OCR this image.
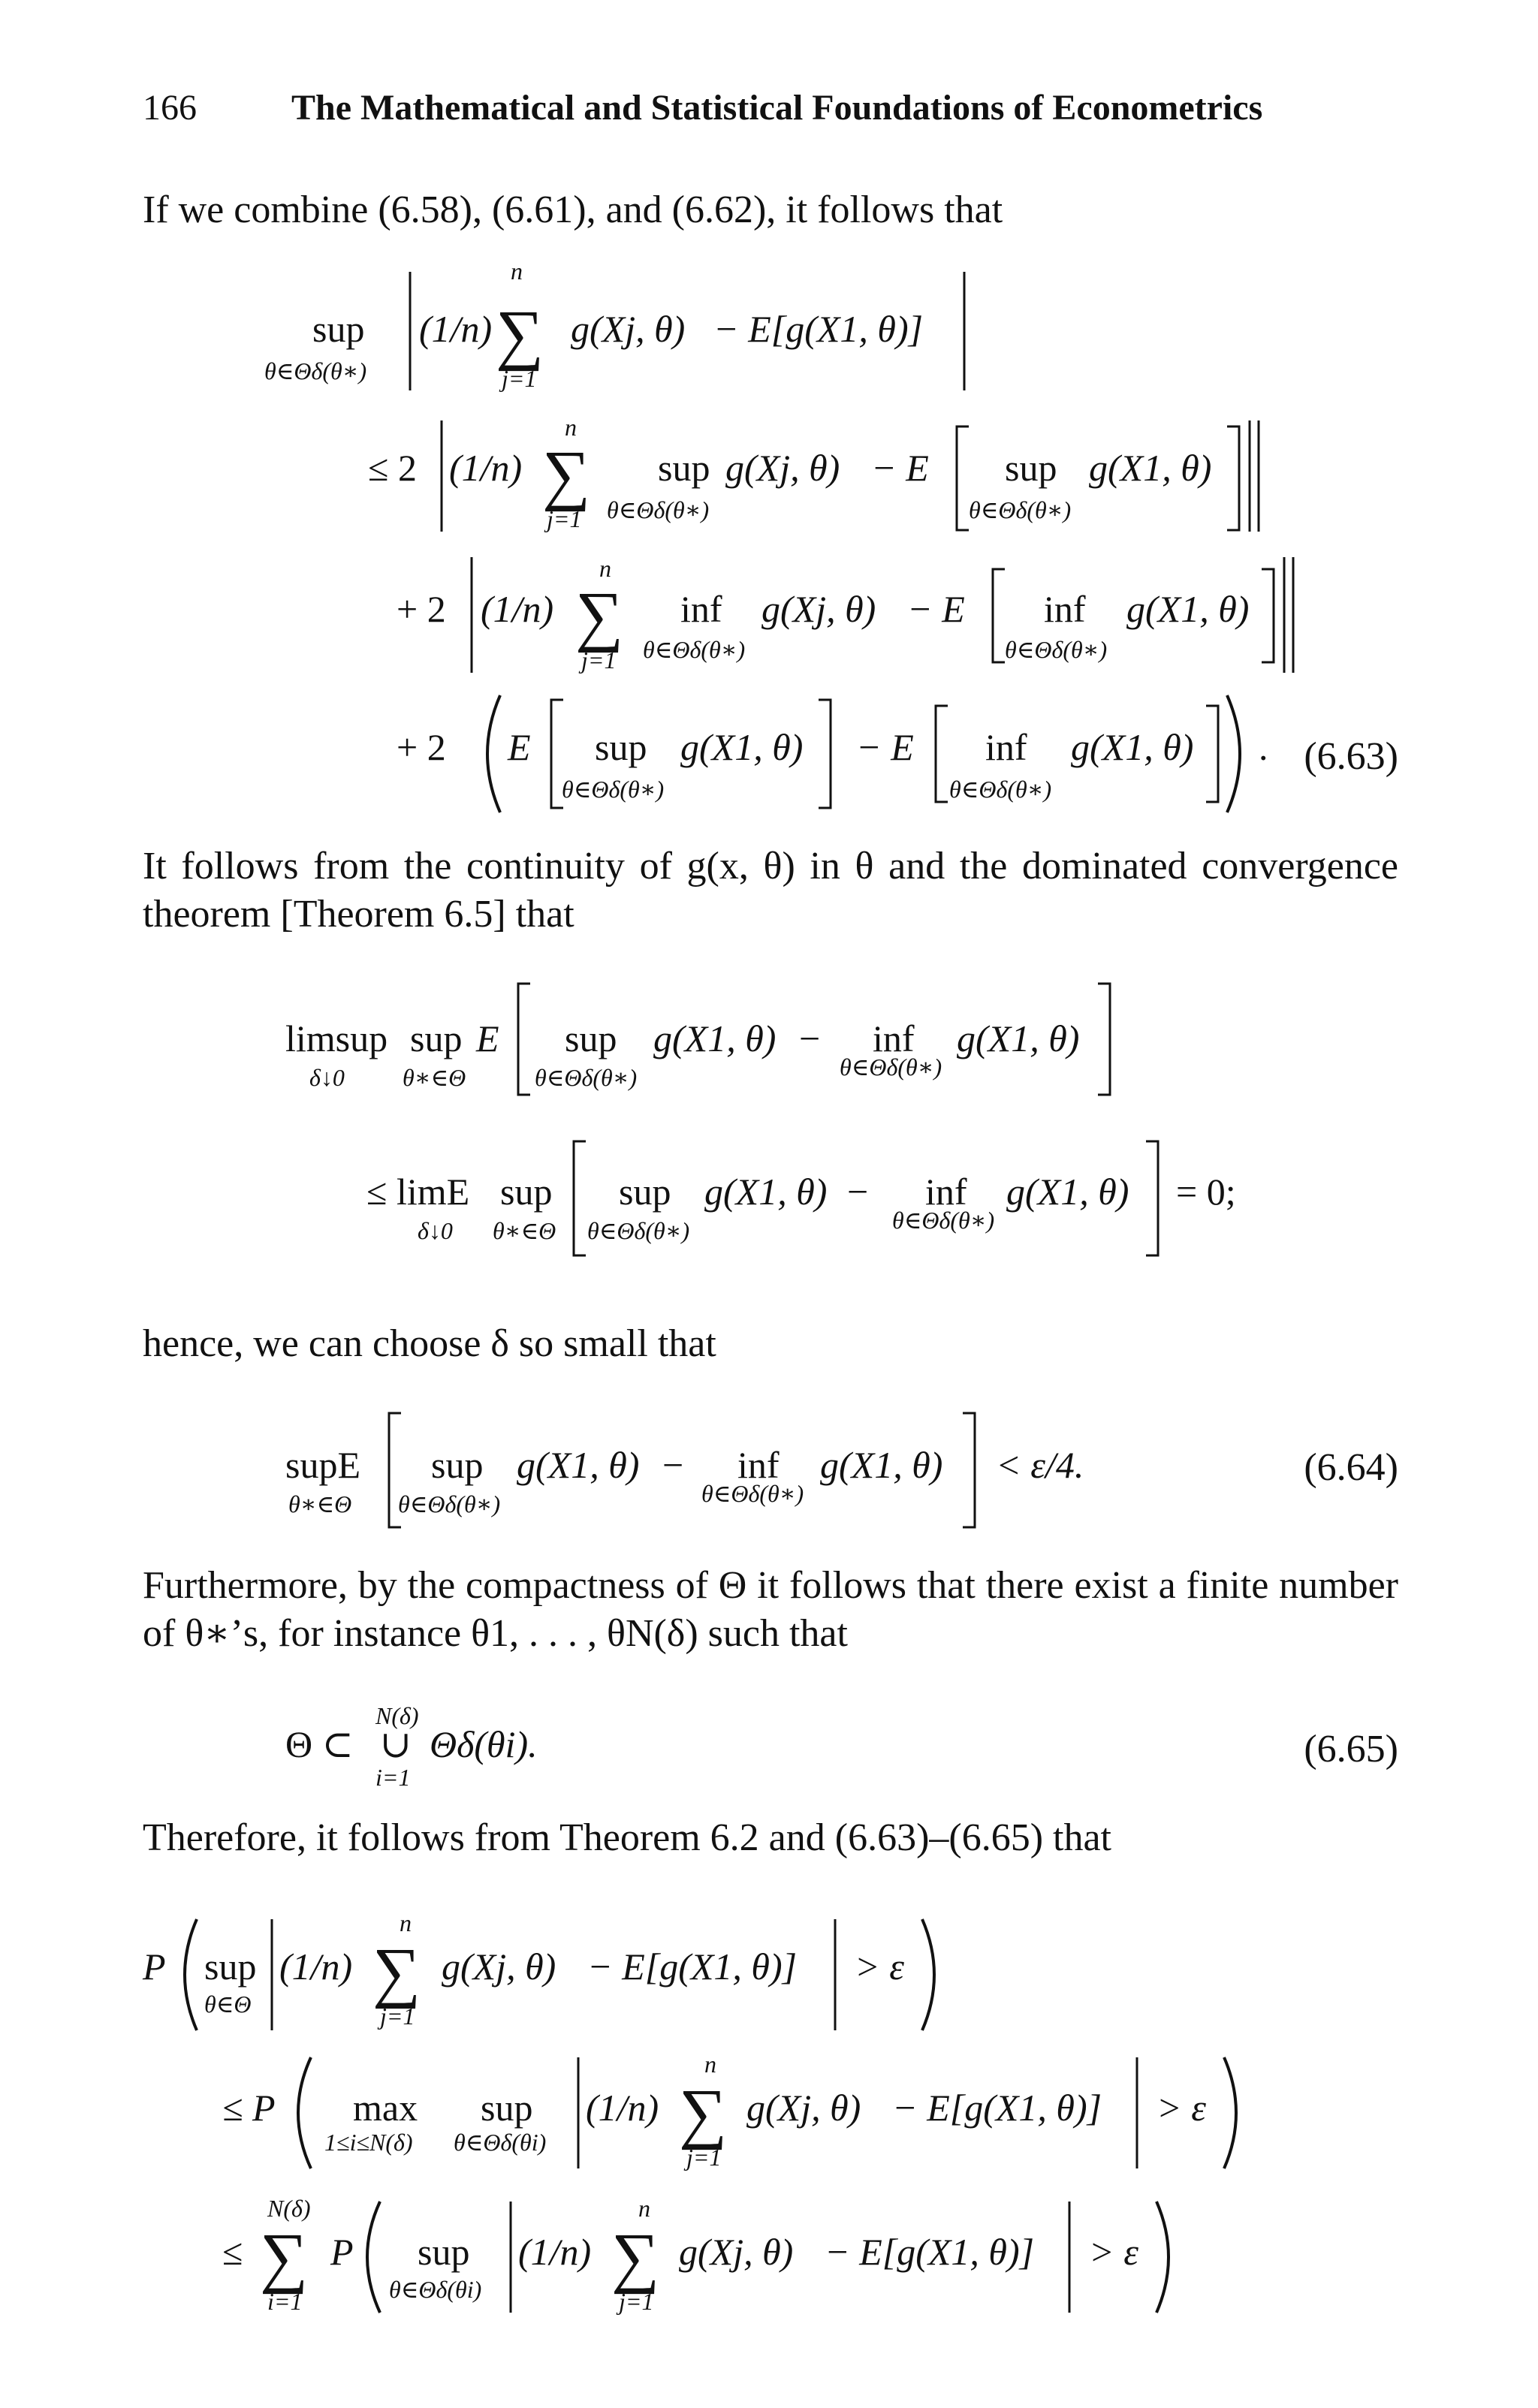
166	The Mathematical and Statistical Foundations of Econometrics
If we combine (6.58), (6.61), and (6.62), it follows that
It follows from the continuity of g(x, θ) in θ and the dominated convergence theorem [Theorem 6.5] that
hence, we can choose δ so small that
Furthermore, by the compactness of Θ it follows that there exist a finite number of θ∗’s, for instance θ1, . . . , θN(δ) such that
Therefore, it follows from Theorem 6.2 and (6.63)–(6.65) that
(6.63)
(6.64)
(6.65)
sup
θ∈Θδ(θ∗)
(1/n)
n
∑
j=1
g(Xj, θ) − E[g(X1, θ)]
≤ 2 (1/n)
n
∑
j=1
sup
θ∈Θδ(θ∗)
g(Xj, θ) − E sup
θ∈Θδ(θ∗)
g(X1, θ)
+ 2 (1/n)
n
∑
j=1
inf
θ∈Θδ(θ∗)
g(Xj, θ) − E inf
θ∈Θδ(θ∗)
g(X1, θ)
+ 2 E sup
θ∈Θδ(θ∗)
g(X1, θ) − E inf
θ∈Θδ(θ∗)
g(X1, θ) .
limsup
δ↓0
sup
θ∗∈Θ
E sup
θ∈Θδ(θ∗)
g(X1, θ) − inf
θ∈Θδ(θ∗)
g(X1, θ)
≤ limE
δ↓0
sup
θ∗∈Θ
sup
θ∈Θδ(θ∗)
g(X1, θ) − inf
θ∈Θδ(θ∗)
g(X1, θ) = 0;
supE
θ∗∈Θ
sup
θ∈Θδ(θ∗)
g(X1, θ) − inf
θ∈Θδ(θ∗)
g(X1, θ) < ε/4.
Θ ⊂
N(δ)
∪
i=1
Θδ(θi).
P sup
θ∈Θ
(1/n)
n
∑
j=1
g(Xj, θ) − E[g(X1, θ)] > ε
≤ P max
1≤i≤N(δ)
sup
θ∈Θδ(θi)
(1/n)
n
∑
j=1
g(Xj, θ) − E[g(X1, θ)] > ε
≤
N(δ)
∑
i=1
P sup
θ∈Θδ(θi)
(1/n)
n
∑
j=1
g(Xj, θ) − E[g(X1, θ)] > ε
